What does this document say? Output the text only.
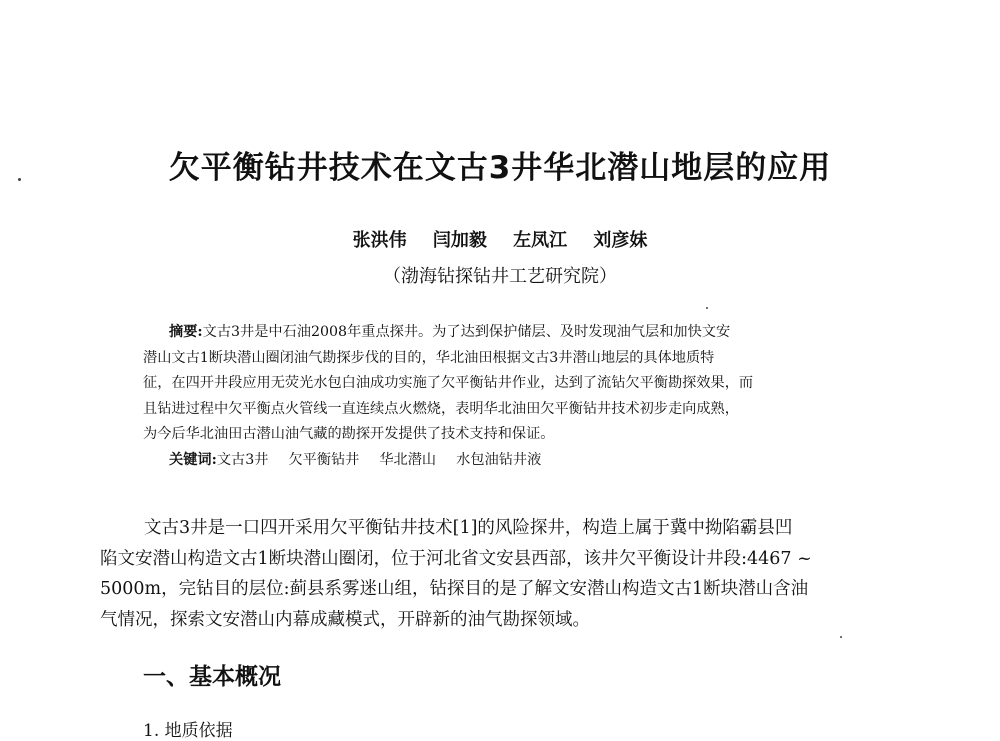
欠平衡钻井技术在文古3井华北潜山地层的应用
张洪伟 闫加毅 左凤江 刘彦妹
（渤海钻探钻井工艺研究院）

摘要:文古3井是中石油2008年重点探井。为了达到保护储层、及时发现油气层和加快文安

潜山文古1断块潜山圈闭油气勘探步伐的目的，华北油田根据文古3井潜山地层的具体地质特

征，在四开井段应用无荧光水包白油成功实施了欠平衡钻井作业，达到了流钻欠平衡勘探效果，而

且钻进过程中欠平衡点火管线一直连续点火燃烧，表明华北油田欠平衡钻井技术初步走向成熟，

为今后华北油田古潜山油气藏的勘探开发提供了技术支持和保证。

关键词:文古3井 欠平衡钻井 华北潜山 水包油钻井液

文古3井是一口四开采用欠平衡钻井技术[1]的风险探井，构造上属于冀中拗陷霸县凹

陷文安潜山构造文古1断块潜山圈闭，位于河北省文安县西部，该井欠平衡设计井段:4467 ~

5000m，完钻目的层位:蓟县系雾迷山组，钻探目的是了解文安潜山构造文古1断块潜山含油

气情况，探索文安潜山内幕成藏模式，开辟新的油气勘探领域。

一、基本概况
1. 地质依据
